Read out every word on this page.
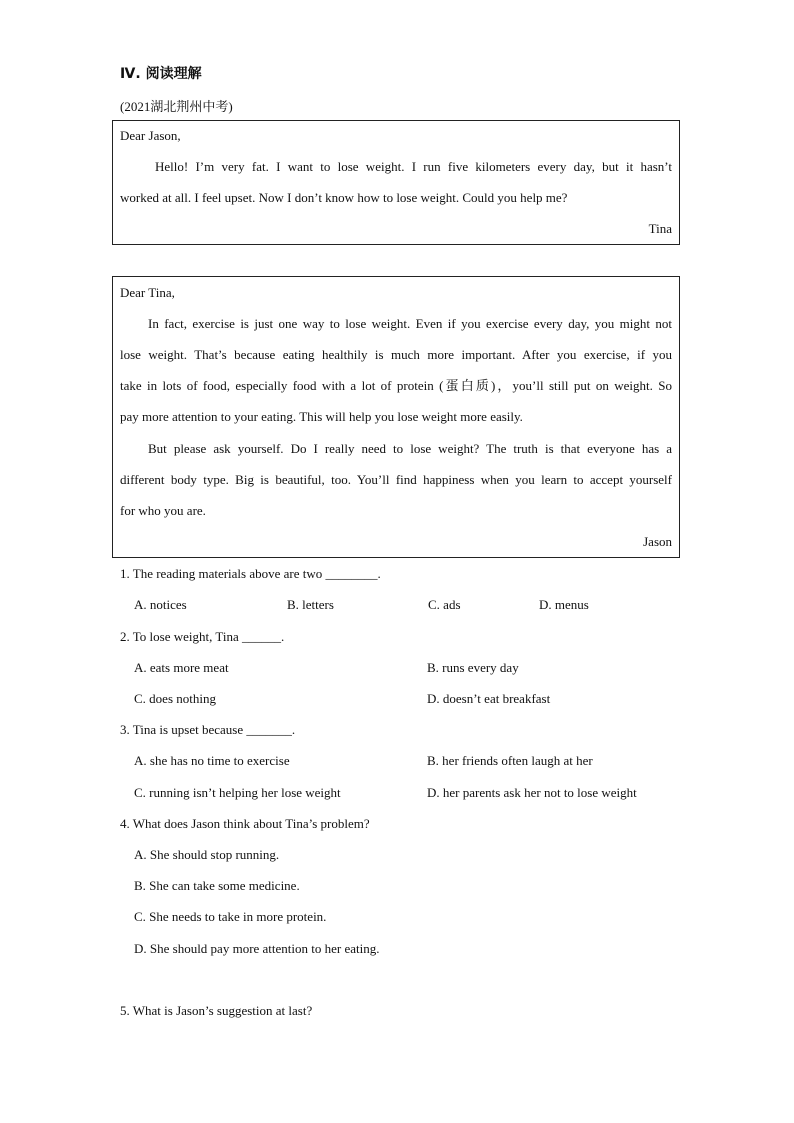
Ⅳ. 阅读理解
(2021湖北荆州中考)
Dear Jason,
Hello! I’m very fat. I want to lose weight. I run five kilometers every day, but it hasn’t
worked at all. I feel upset. Now I don’t know how to lose weight. Could you help me?
Tina
Dear Tina,
In fact, exercise is just one way to lose weight. Even if you exercise every day, you might not
lose weight. That’s because eating healthily is much more important. After you exercise, if you
take in lots of food, especially food with a lot of protein (蛋白质)，you’ll still put on weight. So
pay more attention to your eating. This will help you lose weight more easily.
But please ask yourself. Do I really need to lose weight? The truth is that everyone has a
different body type. Big is beautiful, too. You’ll find happiness when you learn to accept yourself
for who you are.
Jason
1. The reading materials above are two ________.
A. notices	B. letters	C. ads	D. menus
2. To lose weight, Tina ______.
A. eats more meat	B. runs every day
C. does nothing	D. doesn’t eat breakfast
3. Tina is upset because _______.
A. she has no time to exercise	B. her friends often laugh at her
C. running isn’t helping her lose weight	D. her parents ask her not to lose weight
4. What does Jason think about Tina’s problem?
A. She should stop running.
B. She can take some medicine.
C. She needs to take in more protein.
D. She should pay more attention to her eating.
5. What is Jason’s suggestion at last?
